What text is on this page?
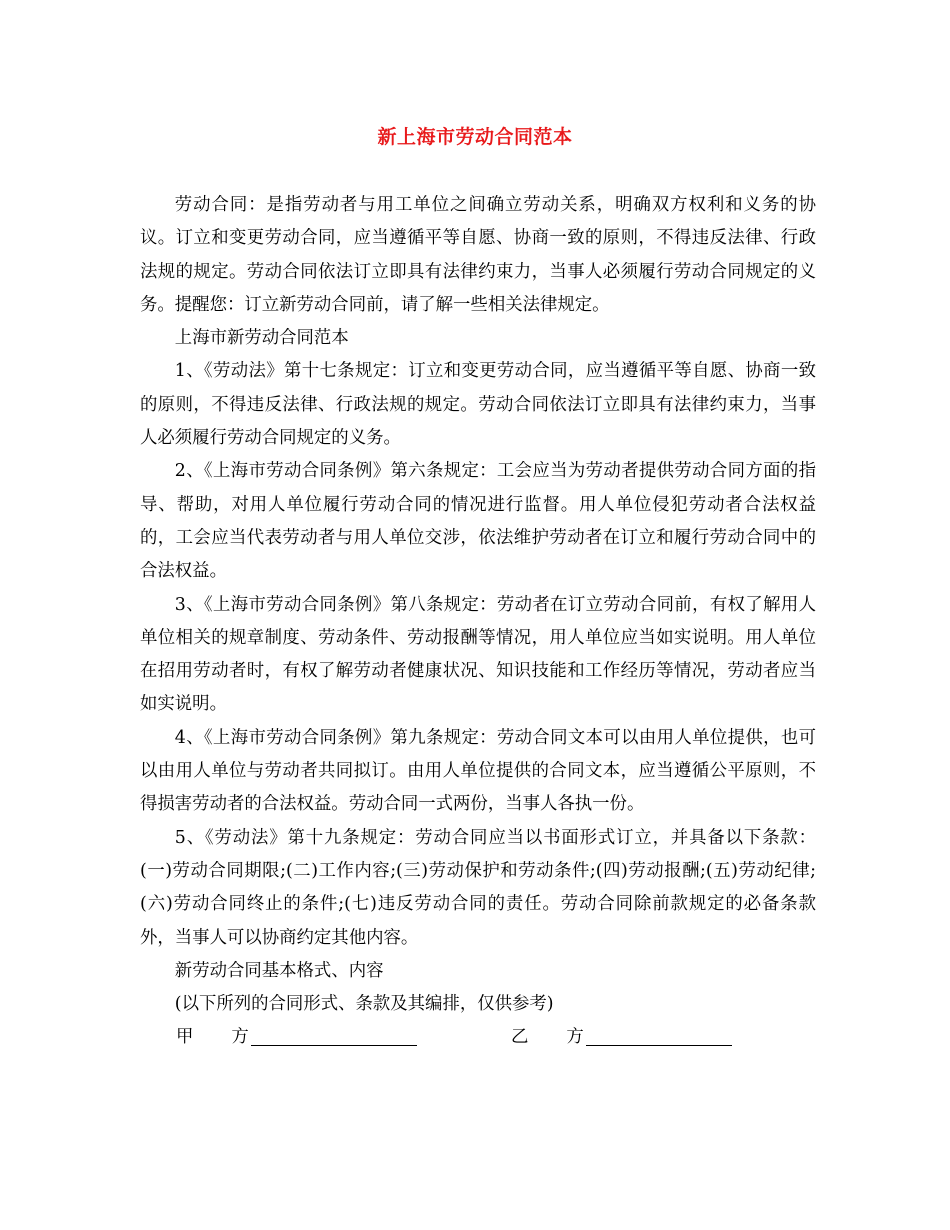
新上海市劳动合同范本

劳动合同：是指劳动者与用工单位之间确立劳动关系，明确双方权利和义务的协议。订立和变更劳动合同，应当遵循平等自愿、协商一致的原则，不得违反法律、行政法规的规定。劳动合同依法订立即具有法律约束力，当事人必须履行劳动合同规定的义务。提醒您：订立新劳动合同前，请了解一些相关法律规定。

上海市新劳动合同范本

1、《劳动法》第十七条规定：订立和变更劳动合同，应当遵循平等自愿、协商一致的原则，不得违反法律、行政法规的规定。劳动合同依法订立即具有法律约束力，当事人必须履行劳动合同规定的义务。

2、《上海市劳动合同条例》第六条规定：工会应当为劳动者提供劳动合同方面的指导、帮助，对用人单位履行劳动合同的情况进行监督。用人单位侵犯劳动者合法权益的，工会应当代表劳动者与用人单位交涉，依法维护劳动者在订立和履行劳动合同中的合法权益。

3、《上海市劳动合同条例》第八条规定：劳动者在订立劳动合同前，有权了解用人单位相关的规章制度、劳动条件、劳动报酬等情况，用人单位应当如实说明。用人单位在招用劳动者时，有权了解劳动者健康状况、知识技能和工作经历等情况，劳动者应当如实说明。

4、《上海市劳动合同条例》第九条规定：劳动合同文本可以由用人单位提供，也可以由用人单位与劳动者共同拟订。由用人单位提供的合同文本，应当遵循公平原则，不得损害劳动者的合法权益。劳动合同一式两份，当事人各执一份。

5、《劳动法》第十九条规定：劳动合同应当以书面形式订立，并具备以下条款：(一)劳动合同期限;(二)工作内容;(三)劳动保护和劳动条件;(四)劳动报酬;(五)劳动纪律;(六)劳动合同终止的条件;(七)违反劳动合同的责任。劳动合同除前款规定的必备条款外，当事人可以协商约定其他内容。

新劳动合同基本格式、内容

(以下所列的合同形式、条款及其编排，仅供参考)

甲 方	乙 方
